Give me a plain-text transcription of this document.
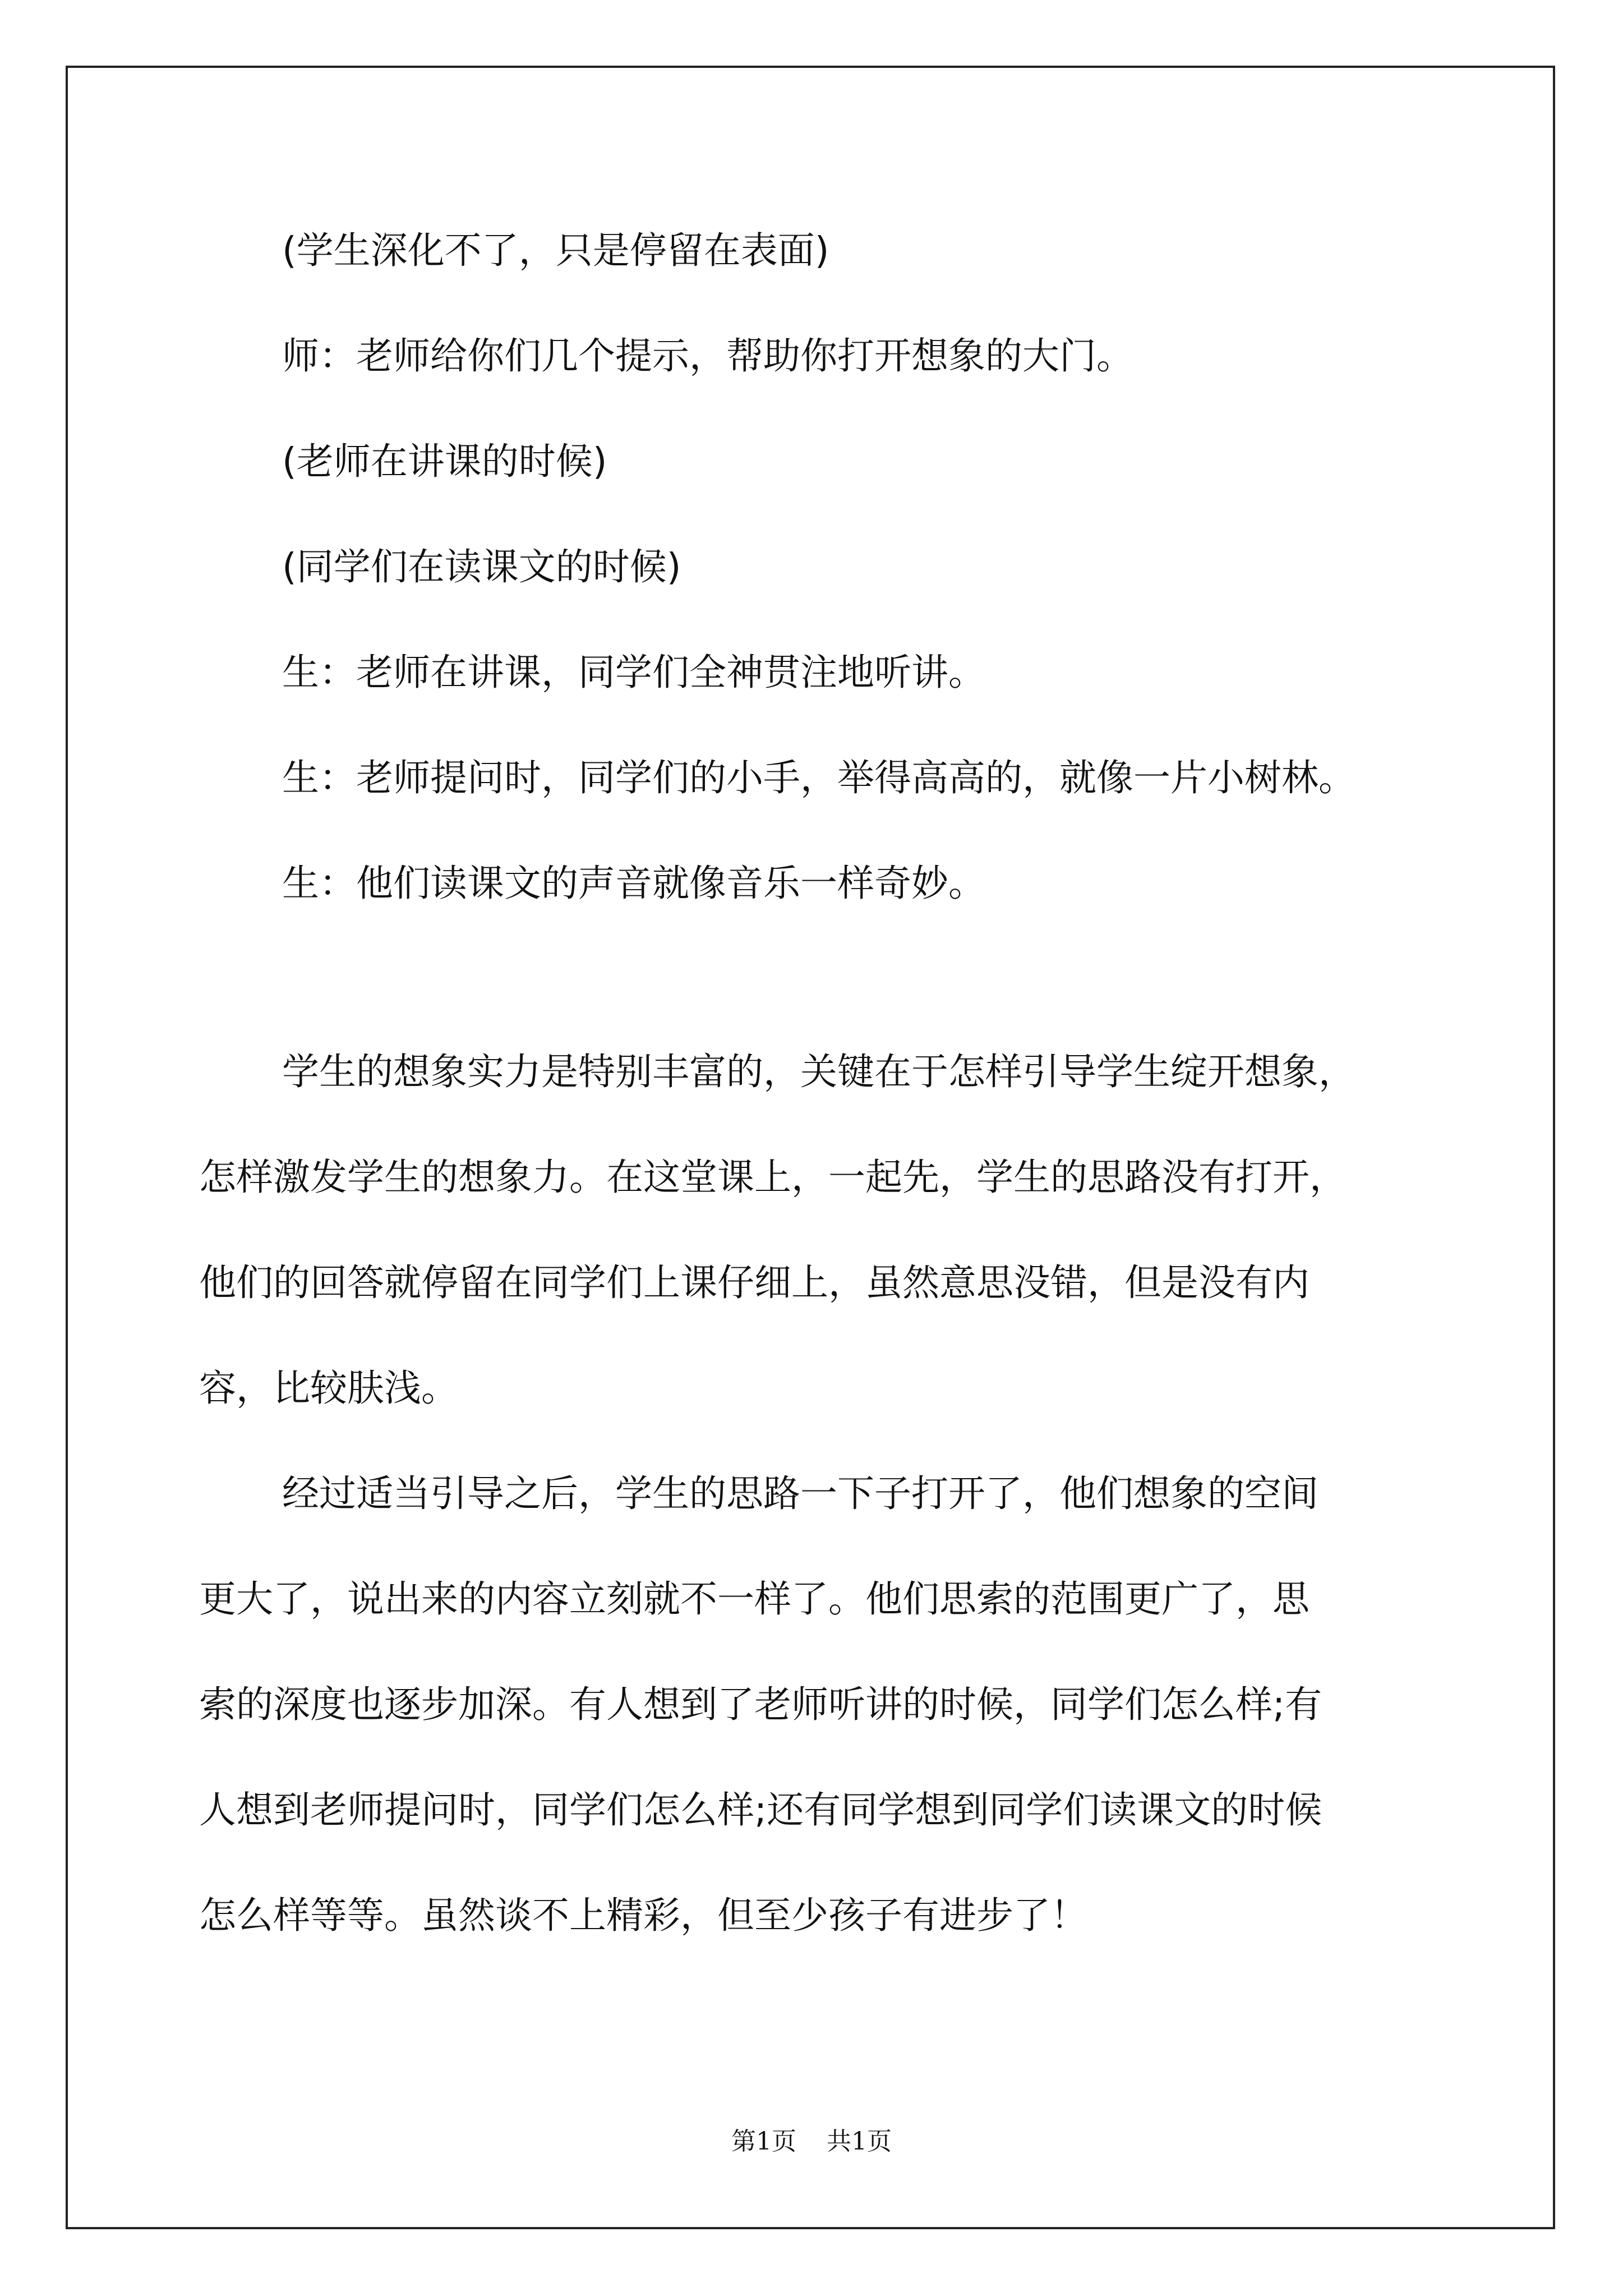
(学生深化不了，只是停留在表面)
师：老师给你们几个提示，帮助你打开想象的大门。
(老师在讲课的时候)
(同学们在读课文的时候)
生：老师在讲课，同学们全神贯注地听讲。
生：老师提问时，同学们的小手，举得高高的，就像一片小树林。
生：他们读课文的声音就像音乐一样奇妙。
学生的想象实力是特别丰富的，关键在于怎样引导学生绽开想象，
怎样激发学生的想象力。在这堂课上，一起先，学生的思路没有打开，
他们的回答就停留在同学们上课仔细上，虽然意思没错，但是没有内
容，比较肤浅。
经过适当引导之后，学生的思路一下子打开了，他们想象的空间
更大了，说出来的内容立刻就不一样了。他们思索的范围更广了，思
索的深度也逐步加深。有人想到了老师听讲的时候，同学们怎么样;有
人想到老师提问时，同学们怎么样;还有同学想到同学们读课文的时候
怎么样等等。虽然谈不上精彩，但至少孩子有进步了！
第1页 共1页
